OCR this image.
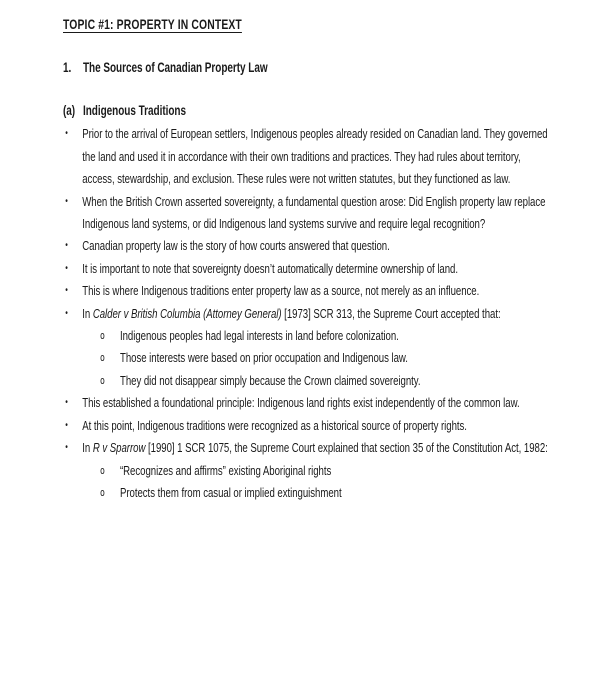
TOPIC #1: PROPERTY IN CONTEXT
1. The Sources of Canadian Property Law
(a) Indigenous Traditions
•	Prior to the arrival of European settlers, Indigenous peoples already resided on Canadian land. They governed the land and used it in accordance with their own traditions and practices. They had rules about territory, access, stewardship, and exclusion. These rules were not written statutes, but they functioned as law.
•	When the British Crown asserted sovereignty, a fundamental question arose: Did English property law replace Indigenous land systems, or did Indigenous land systems survive and require legal recognition?
•	Canadian property law is the story of how courts answered that question.
•	It is important to note that sovereignty doesn’t automatically determine ownership of land.
•	This is where Indigenous traditions enter property law as a source, not merely as an influence.
•	In Calder v British Columbia (Attorney General) [1973] SCR 313, the Supreme Court accepted that:
o	Indigenous peoples had legal interests in land before colonization.
o	Those interests were based on prior occupation and Indigenous law.
o	They did not disappear simply because the Crown claimed sovereignty.
•	This established a foundational principle: Indigenous land rights exist independently of the common law.
•	At this point, Indigenous traditions were recognized as a historical source of property rights.
•	In R v Sparrow [1990] 1 SCR 1075, the Supreme Court explained that section 35 of the Constitution Act, 1982:
o	“Recognizes and affirms” existing Aboriginal rights
o	Protects them from casual or implied extinguishment
